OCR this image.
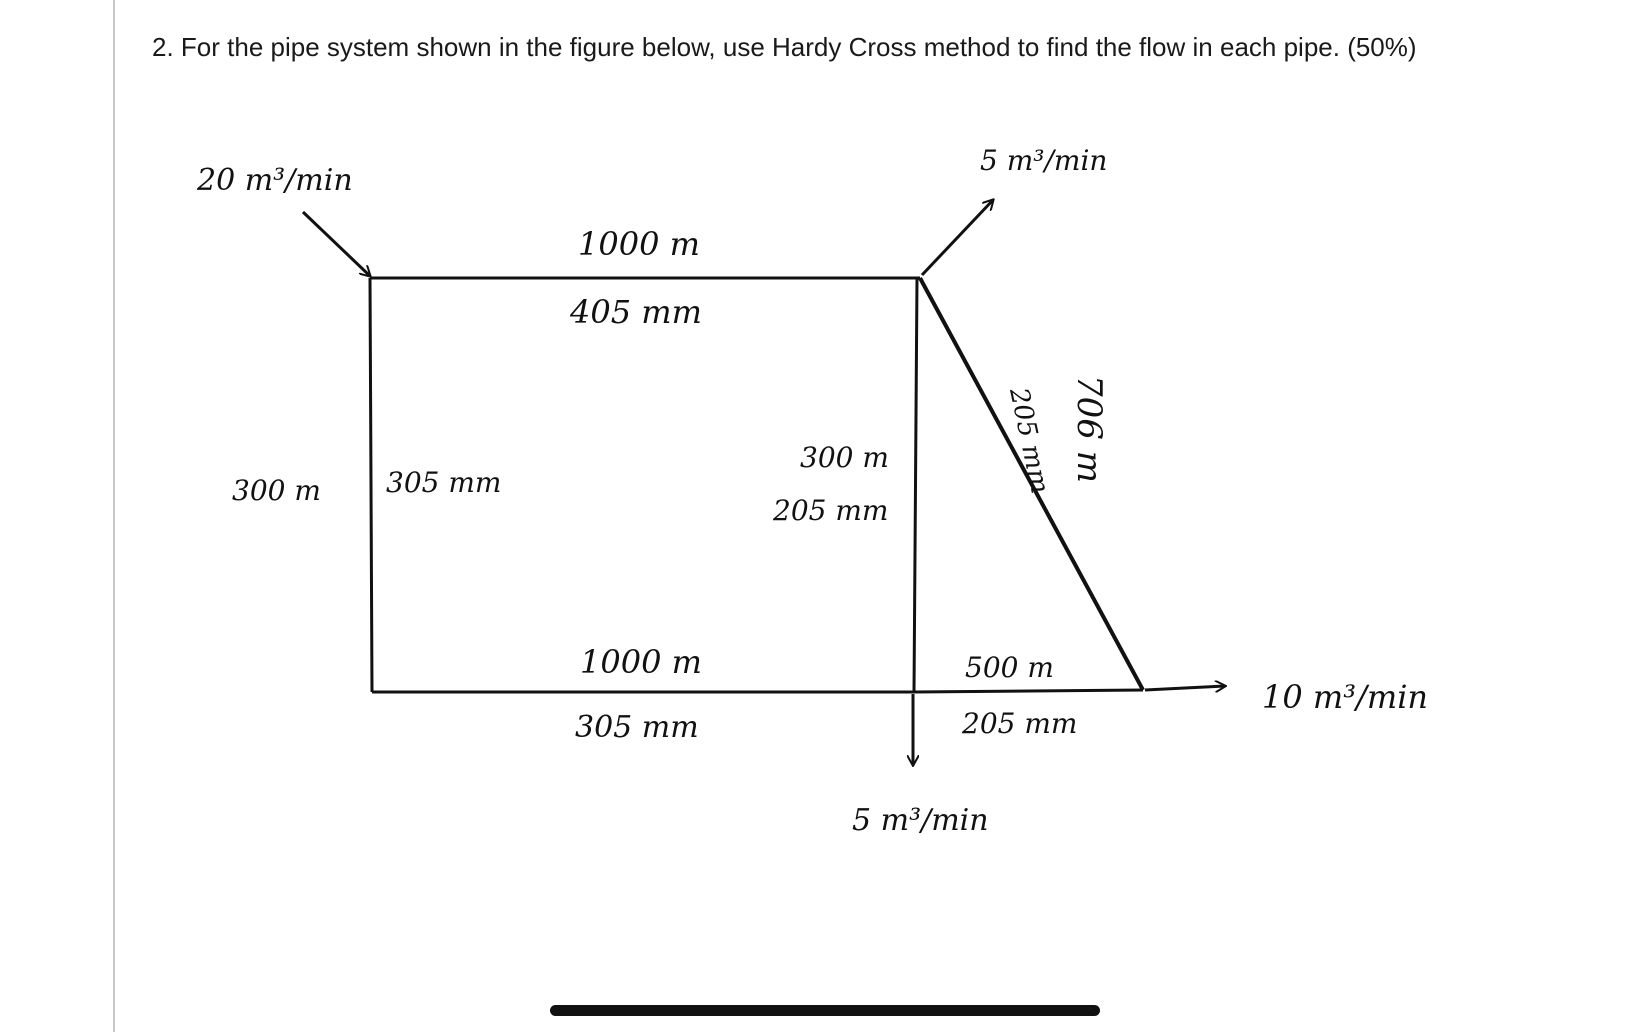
2. For the pipe system shown in the figure below, use Hardy Cross method to find the flow in each pipe. (50%)
20 m³/min
5 m³/min
5 m³/min
10 m³/min
1000 m
405 mm
300 m 305 mm
300 m
205 mm
706 m
205 mm
1000 m
305 mm
500 m
205 mm
